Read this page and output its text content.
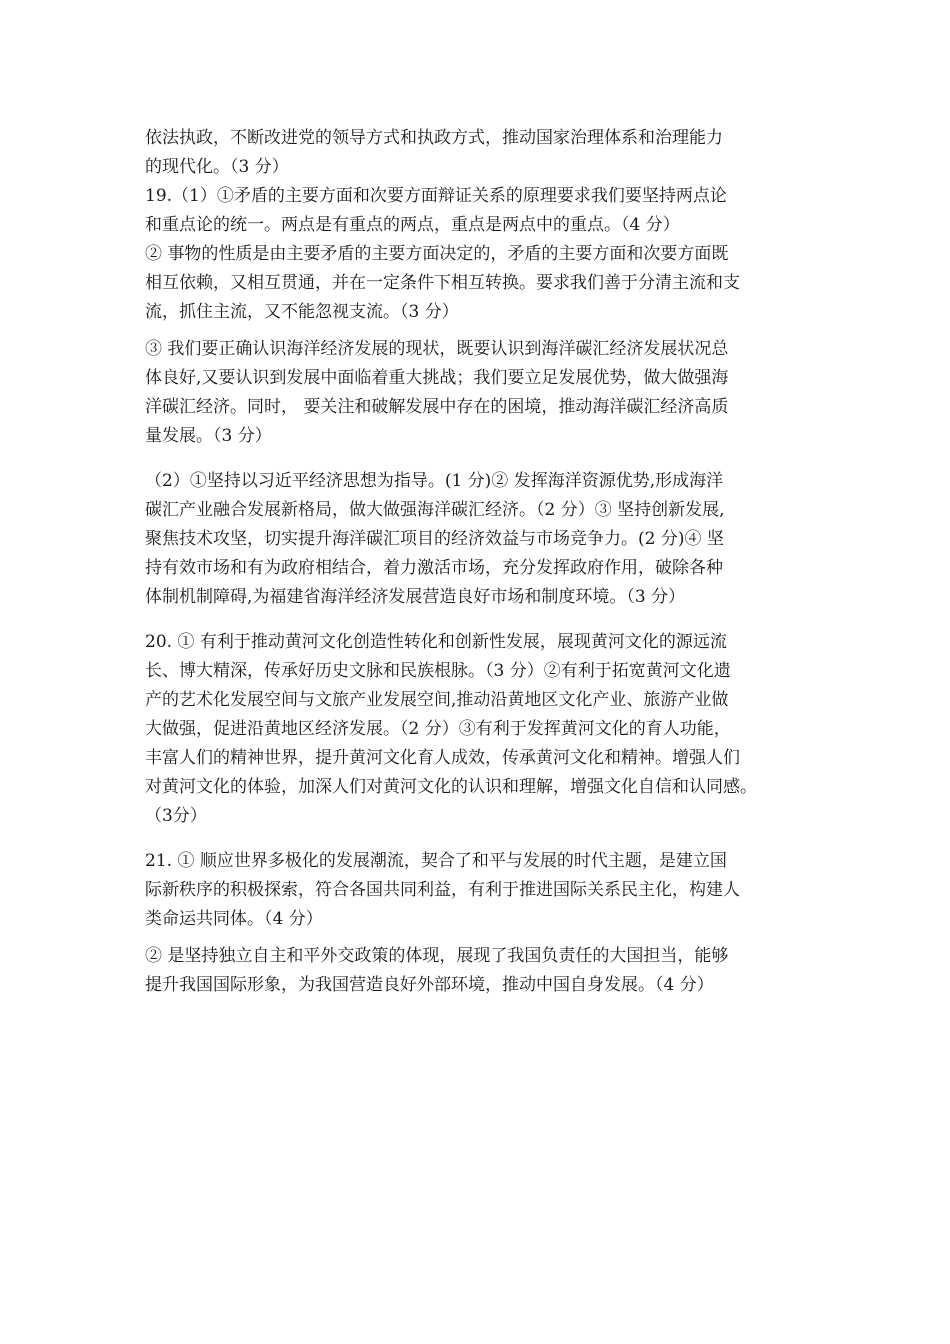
依法执政，不断改进党的领导方式和执政方式，推动国家治理体系和治理能力
的现代化。（3 分）
19.（1）①矛盾的主要方面和次要方面辩证关系的原理要求我们要坚持两点论
和重点论的统一。两点是有重点的两点，重点是两点中的重点。（4 分）
② 事物的性质是由主要矛盾的主要方面决定的，矛盾的主要方面和次要方面既
相互依赖，又相互贯通，并在一定条件下相互转换。要求我们善于分清主流和支
流，抓住主流，又不能忽视支流。（3 分）
③ 我们要正确认识海洋经济发展的现状，既要认识到海洋碳汇经济发展状况总
体良好,又要认识到发展中面临着重大挑战；我们要立足发展优势，做大做强海
洋碳汇经济。同时， 要关注和破解发展中存在的困境，推动海洋碳汇经济高质
量发展。（3 分）
（2）①坚持以习近平经济思想为指导。(1 分)② 发挥海洋资源优势,形成海洋
碳汇产业融合发展新格局，做大做强海洋碳汇经济。（2 分）③ 坚持创新发展,
聚焦技术攻坚，切实提升海洋碳汇项目的经济效益与市场竞争力。(2 分)④ 坚
持有效市场和有为政府相结合，着力激活市场，充分发挥政府作用，破除各种
体制机制障碍,为福建省海洋经济发展营造良好市场和制度环境。（3 分）
20. ① 有利于推动黄河文化创造性转化和创新性发展，展现黄河文化的源远流
长、博大精深，传承好历史文脉和民族根脉。（3 分）②有利于拓宽黄河文化遗
产的艺术化发展空间与文旅产业发展空间,推动沿黄地区文化产业、旅游产业做
大做强，促进沿黄地区经济发展。（2 分）③有利于发挥黄河文化的育人功能，
丰富人们的精神世界，提升黄河文化育人成效，传承黄河文化和精神。增强人们
对黄河文化的体验，加深人们对黄河文化的认识和理解，增强文化自信和认同感。
（3分）
21. ① 顺应世界多极化的发展潮流，契合了和平与发展的时代主题，是建立国
际新秩序的积极探索，符合各国共同利益，有利于推进国际关系民主化，构建人
类命运共同体。（4 分）
② 是坚持独立自主和平外交政策的体现，展现了我国负责任的大国担当，能够
提升我国国际形象，为我国营造良好外部环境，推动中国自身发展。（4 分）
